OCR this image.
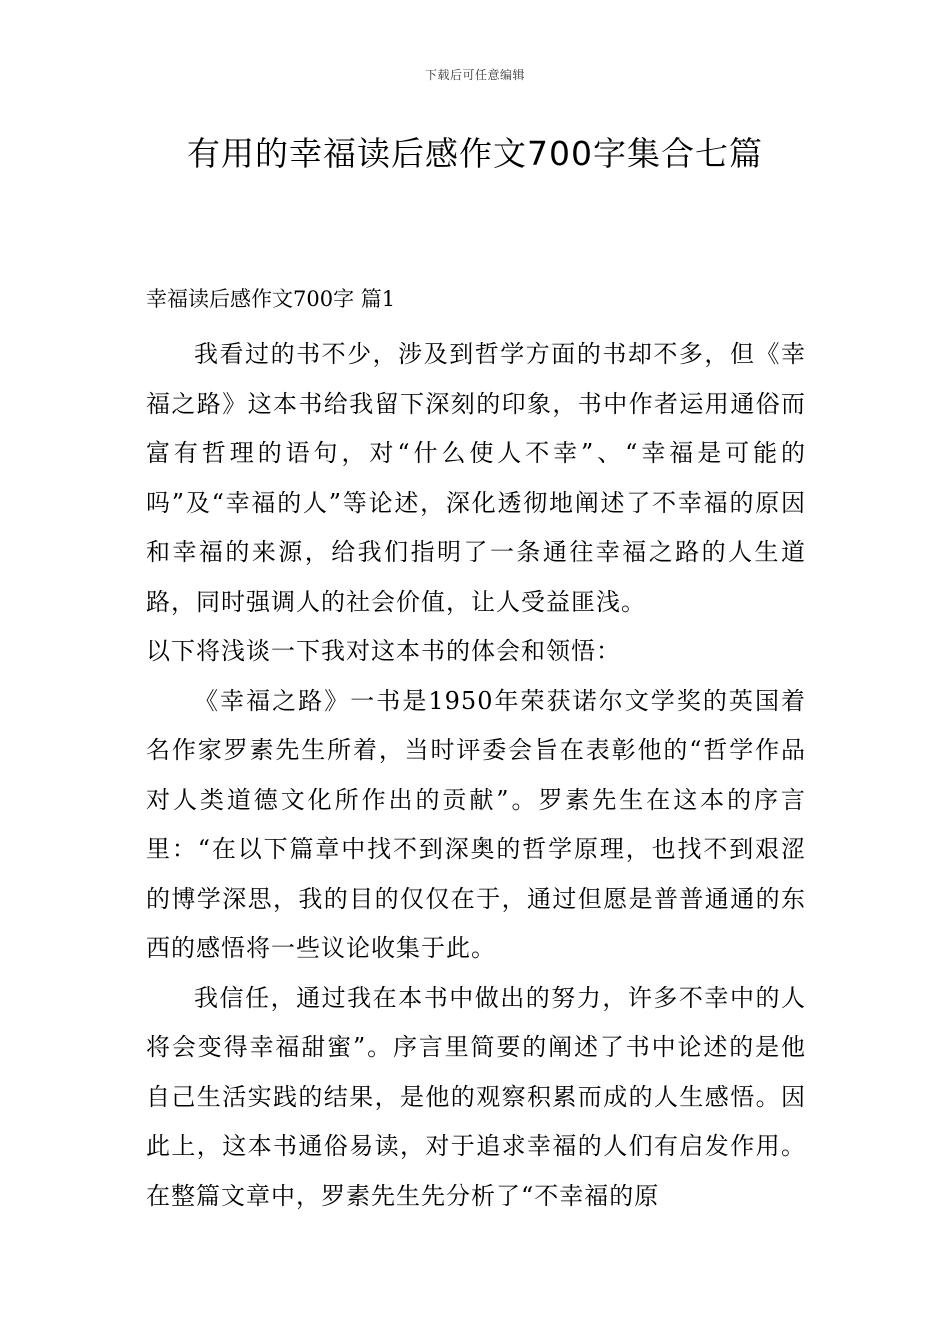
下载后可任意编辑
有用的幸福读后感作文700字集合七篇
幸福读后感作文700字 篇1

我看过的书不少，涉及到哲学方面的书却不多，但《幸福之路》这本书给我留下深刻的印象，书中作者运用通俗而富有哲理的语句，对“什么使人不幸”、“幸福是可能的吗”及“幸福的人”等论述，深化透彻地阐述了不幸福的原因和幸福的来源，给我们指明了一条通往幸福之路的人生道路，同时强调人的社会价值，让人受益匪浅。

以下将浅谈一下我对这本书的体会和领悟：

《幸福之路》一书是1950年荣获诺尔文学奖的英国着名作家罗素先生所着，当时评委会旨在表彰他的“哲学作品对人类道德文化所作出的贡献”。罗素先生在这本的序言里：“在以下篇章中找不到深奥的哲学原理，也找不到艰涩的博学深思，我的目的仅仅在于，通过但愿是普普通通的东西的感悟将一些议论收集于此。

我信任，通过我在本书中做出的努力，许多不幸中的人将会变得幸福甜蜜”。序言里简要的阐述了书中论述的是他自己生活实践的结果，是他的观察积累而成的人生感悟。因此上，这本书通俗易读，对于追求幸福的人们有启发作用。在整篇文章中，罗素先生先分析了“不幸福的原
